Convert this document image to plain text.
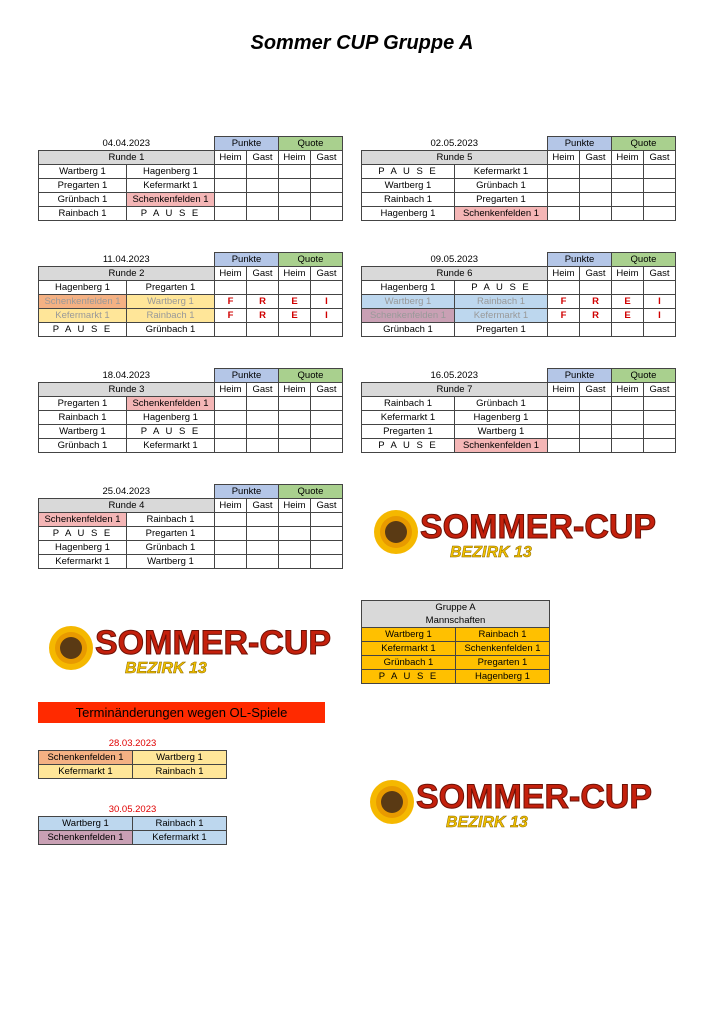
Sommer CUP Gruppe A
04.04.2023		Punkte		Quote	
Runde 1		Heim	Gast	Heim	Gast
Wartberg 1	Hagenberg 1				
Pregarten 1	Kefermarkt 1				
Grünbach 1	Schenkenfelden 1				
Rainbach 1	P A U S E				
02.05.2023		Punkte		Quote	
Runde 5		Heim	Gast	Heim	Gast
P A U S E	Kefermarkt 1				
Wartberg 1	Grünbach 1				
Rainbach 1	Pregarten 1				
Hagenberg 1	Schenkenfelden 1				
11.04.2023		Punkte		Quote	
Runde 2		Heim	Gast	Heim	Gast
Hagenberg 1	Pregarten 1				
Schenkenfelden 1	Wartberg 1	F	R	E	I
Kefermarkt 1	Rainbach 1	F	R	E	I
P A U S E	Grünbach 1				
09.05.2023		Punkte		Quote	
Runde 6		Heim	Gast	Heim	Gast
Hagenberg 1	P A U S E				
Wartberg 1	Rainbach 1	F	R	E	I
Schenkenfelden 1	Kefermarkt 1	F	R	E	I
Grünbach 1	Pregarten 1				
18.04.2023		Punkte		Quote	
Runde 3		Heim	Gast	Heim	Gast
Pregarten 1	Schenkenfelden 1				
Rainbach 1	Hagenberg 1				
Wartberg 1	P A U S E				
Grünbach 1	Kefermarkt 1				
16.05.2023		Punkte		Quote	
Runde 7		Heim	Gast	Heim	Gast
Rainbach 1	Grünbach 1				
Kefermarkt 1	Hagenberg 1				
Pregarten 1	Wartberg 1				
P A U S E	Schenkenfelden 1				
25.04.2023		Punkte		Quote	
Runde 4		Heim	Gast	Heim	Gast
Schenkenfelden 1	Rainbach 1				
P A U S E	Pregarten 1				
Hagenberg 1	Grünbach 1				
Kefermarkt 1	Wartberg 1				
SOMMER-CUP
BEZIRK 13
SOMMER-CUP
BEZIRK 13
SOMMER-CUP
BEZIRK 13
Gruppe A	
Mannschaften	
Wartberg 1	Rainbach 1
Kefermarkt 1	Schenkenfelden 1
Grünbach 1	Pregarten 1
P A U S E	Hagenberg 1
Terminänderungen wegen OL-Spiele
28.03.2023	
Schenkenfelden 1	Wartberg 1
Kefermarkt 1	Rainbach 1
30.05.2023	
Wartberg 1	Rainbach 1
Schenkenfelden 1	Kefermarkt 1
